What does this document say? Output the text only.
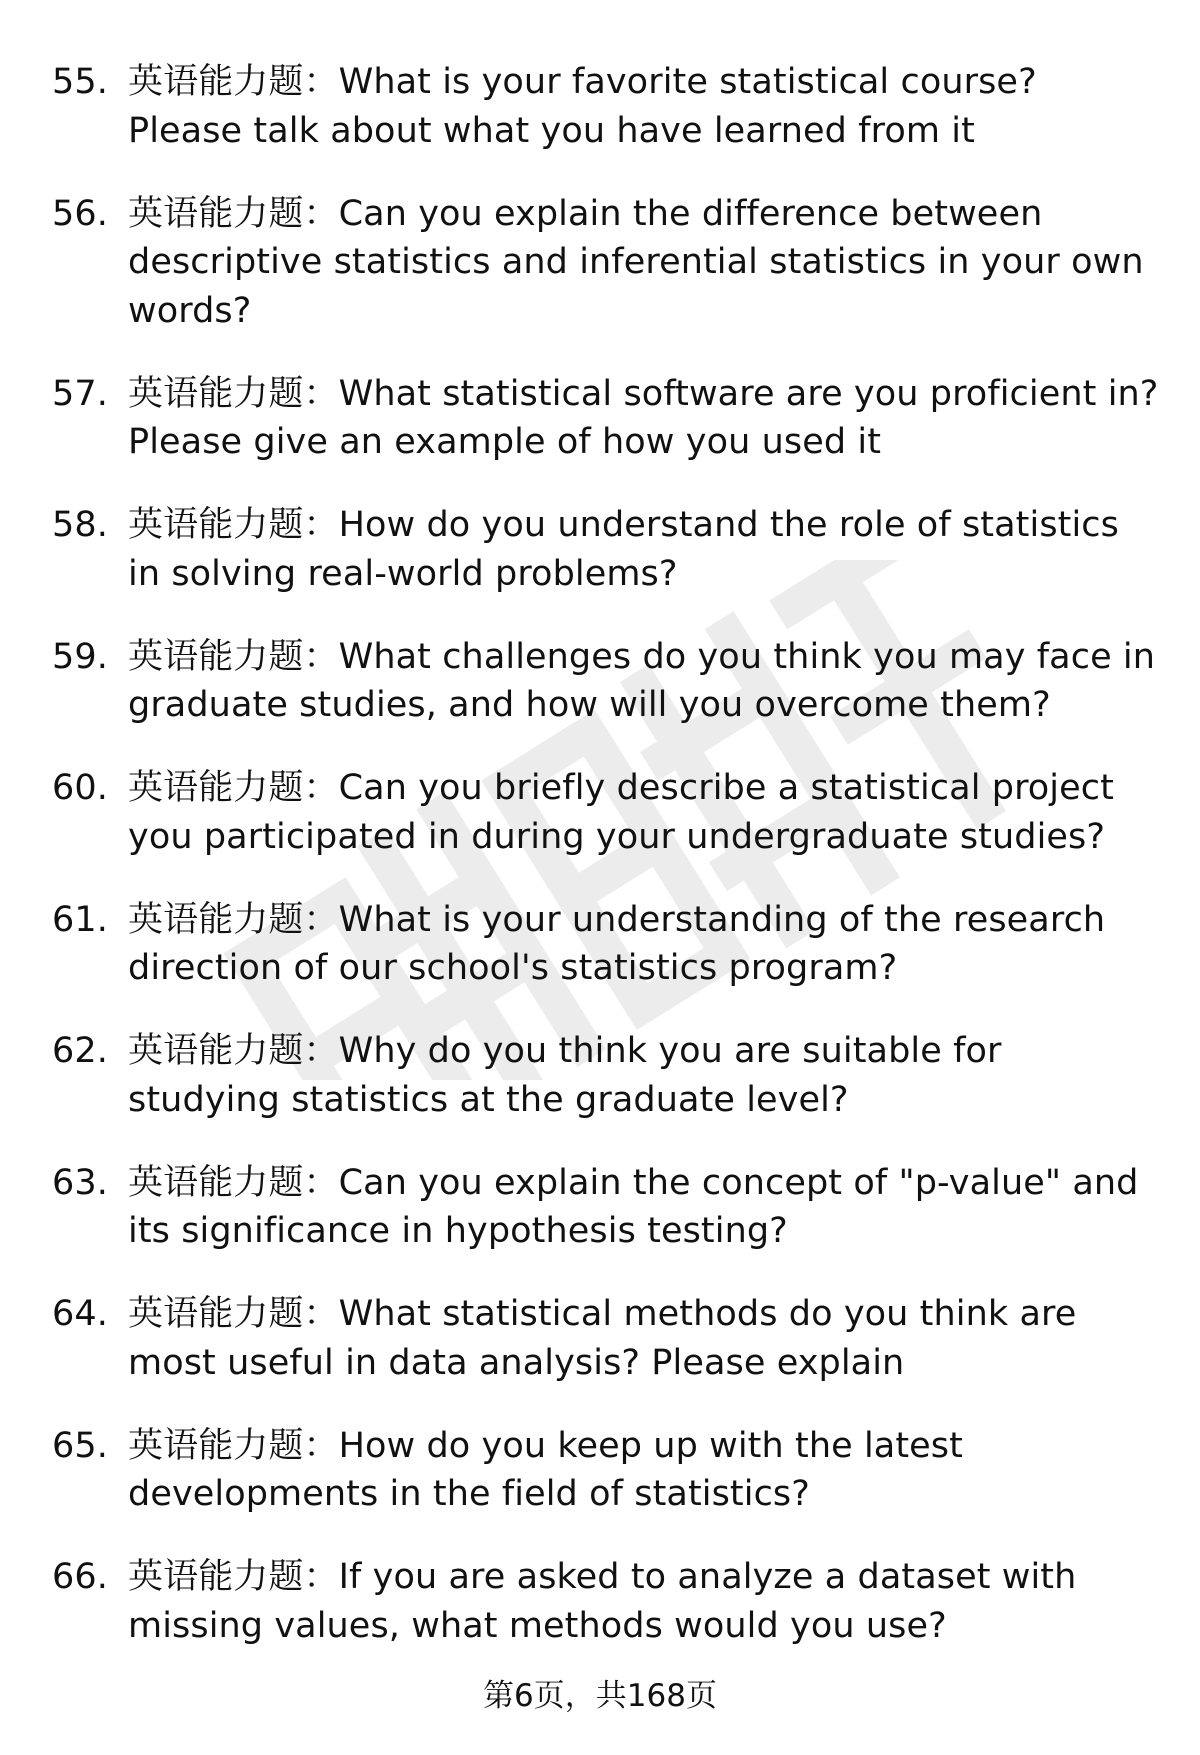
55. 英语能力题：What is your favorite statistical course? Please talk about what you have learned from it
56. 英语能力题：Can you explain the difference between descriptive statistics and inferential statistics in your own words?
57. 英语能力题：What statistical software are you proficient in? Please give an example of how you used it
58. 英语能力题：How do you understand the role of statistics in solving real-world problems?
59. 英语能力题：What challenges do you think you may face in graduate studies, and how will you overcome them?
60. 英语能力题：Can you briefly describe a statistical project you participated in during your undergraduate studies?
61. 英语能力题：What is your understanding of the research direction of our school's statistics program?
62. 英语能力题：Why do you think you are suitable for studying statistics at the graduate level?
63. 英语能力题：Can you explain the concept of "p-value" and its significance in hypothesis testing?
64. 英语能力题：What statistical methods do you think are most useful in data analysis? Please explain
65. 英语能力题：How do you keep up with the latest developments in the field of statistics?
66. 英语能力题：If you are asked to analyze a dataset with missing values, what methods would you use?
第6页，共168页
